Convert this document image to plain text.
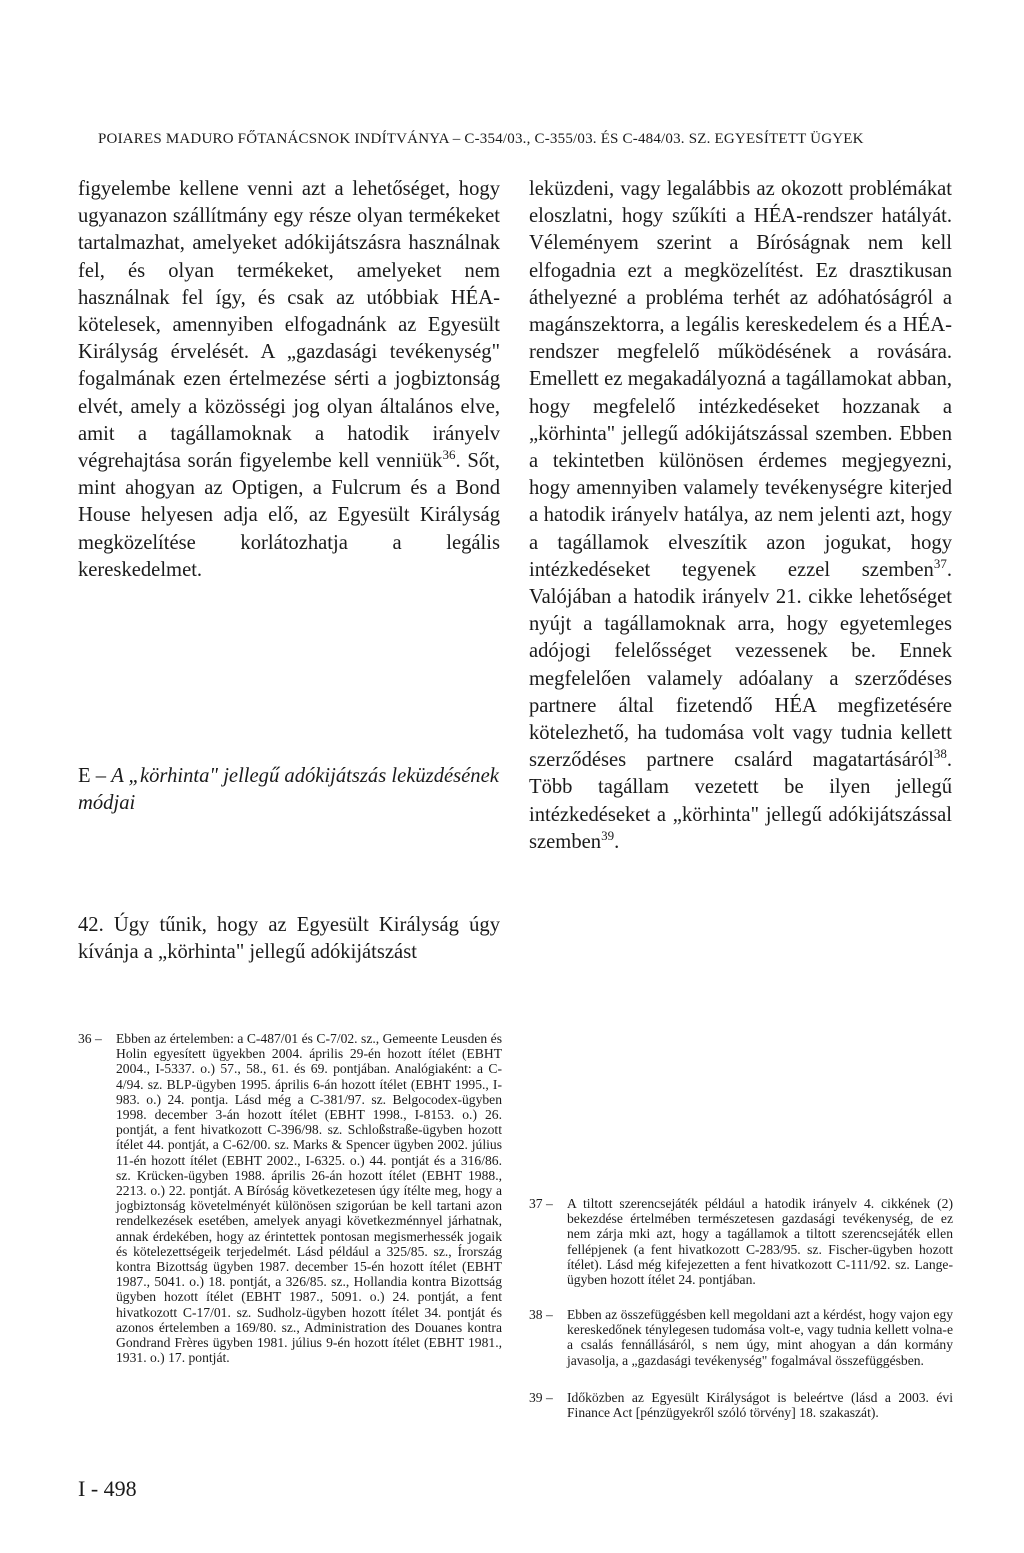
POIARES MADURO FŐTANÁCSNOK INDÍTVÁNYA – C-354/03., C-355/03. ÉS C-484/03. SZ. EGYESÍTETT ÜGYEK

figyelembe kellene venni azt a lehetőséget, hogy ugyanazon szállítmány egy része olyan termékeket tartalmazhat, amelyeket adókijátszásra használnak fel, és olyan termékeket, amelyeket nem használnak fel így, és csak az utóbbiak HÉA-kötelesek, amennyiben elfogadnánk az Egyesült Királyság érvelését. A „gazdasági tevékenység" fogalmának ezen értelmezése sérti a jogbiztonság elvét, amely a közösségi jog olyan általános elve, amit a tagállamoknak a hatodik irányelv végrehajtása során figyelembe kell venniük$^{36}$. Sőt, mint ahogyan az Optigen, a Fulcrum és a Bond House helyesen adja elő, az Egyesült Királyság megközelítése korlátozhatja a legális kereskedelmet.

E – A „körhinta" jellegű adókijátszás leküzdésének módjai
42. Úgy tűnik, hogy az Egyesült Királyság úgy kívánja a „körhinta" jellegű adókijátszást

leküzdeni, vagy legalábbis az okozott problémákat eloszlatni, hogy szűkíti a HÉA-rendszer hatályát. Véleményem szerint a Bíróságnak nem kell elfogadnia ezt a megközelítést. Ez drasztikusan áthelyezné a probléma terhét az adóhatóságról a magánszektorra, a legális kereskedelem és a HÉA-rendszer megfelelő működésének a rovására. Emellett ez megakadályozná a tagállamokat abban, hogy megfelelő intézkedéseket hozzanak a „körhinta" jellegű adókijátszással szemben. Ebben a tekintetben különösen érdemes megjegyezni, hogy amennyiben valamely tevékenységre kiterjed a hatodik irányelv hatálya, az nem jelenti azt, hogy a tagállamok elveszítik azon jogukat, hogy intézkedéseket tegyenek ezzel szemben$^{37}$. Valójában a hatodik irányelv 21. cikke lehetőséget nyújt a tagállamoknak arra, hogy egyetemleges adójogi felelősséget vezessenek be. Ennek megfelelően valamely adóalany a szerződéses partnere által fizetendő HÉA megfizetésére kötelezhető, ha tudomása volt vagy tudnia kellett szerződéses partnere csalárd magatartásáról$^{38}$. Több tagállam vezetett be ilyen jellegű intézkedéseket a „körhinta" jellegű adókijátszással szemben$^{39}$.

36 –	Ebben az értelemben: a C-487/01 és C-7/02. sz., Gemeente Leusden és Holin egyesített ügyekben 2004. április 29-én hozott ítélet (EBHT 2004., I-5337. o.) 57., 58., 61. és 69. pontjában. Analógiaként: a C-4/94. sz. BLP-ügyben 1995. április 6-án hozott ítélet (EBHT 1995., I-983. o.) 24. pontja. Lásd még a C-381/97. sz. Belgocodex-ügyben 1998. december 3-án hozott ítélet (EBHT 1998., I-8153. o.) 26. pontját, a fent hivatkozott C-396/98. sz. Schloßstraße-ügyben hozott ítélet 44. pontját, a C-62/00. sz. Marks & Spencer ügyben 2002. július 11-én hozott ítélet (EBHT 2002., I-6325. o.) 44. pontját és a 316/86. sz. Krücken-ügyben 1988. április 26-án hozott ítélet (EBHT 1988., 2213. o.) 22. pontját. A Bíróság következetesen úgy ítélte meg, hogy a jogbiztonság követelményét különösen szigorúan be kell tartani azon rendelkezések esetében, amelyek anyagi következménnyel járhatnak, annak érdekében, hogy az érintettek pontosan megismerhessék jogaik és kötelezettségeik terjedelmét. Lásd például a 325/85. sz., Írország kontra Bizottság ügyben 1987. december 15-én hozott ítélet (EBHT 1987., 5041. o.) 18. pontját, a 326/85. sz., Hollandia kontra Bizottság ügyben hozott ítélet (EBHT 1987., 5091. o.) 24. pontját, a fent hivatkozott C-17/01. sz. Sudholz-ügyben hozott ítélet 34. pontját és azonos értelemben a 169/80. sz., Administration des Douanes kontra Gondrand Frères ügyben 1981. július 9-én hozott ítélet (EBHT 1981., 1931. o.) 17. pontját.
37 –	A tiltott szerencsejáték például a hatodik irányelv 4. cikkének (2) bekezdése értelmében természetesen gazdasági tevékenység, de ez nem zárja mki azt, hogy a tagállamok a tiltott szerencsejáték ellen fellépjenek (a fent hivatkozott C-283/95. sz. Fischer-ügyben hozott ítélet). Lásd még kifejezetten a fent hivatkozott C-111/92. sz. Lange-ügyben hozott ítélet 24. pontjában.
38 –	Ebben az összefüggésben kell megoldani azt a kérdést, hogy vajon egy kereskedőnek ténylegesen tudomása volt-e, vagy tudnia kellett volna-e a csalás fennállásáról, s nem úgy, mint ahogyan a dán kormány javasolja, a „gazdasági tevékenység" fogalmával összefüggésben.
39 –	Időközben az Egyesült Királyságot is beleértve (lásd a 2003. évi Finance Act [pénzügyekről szóló törvény] 18. szakaszát).
I - 498
